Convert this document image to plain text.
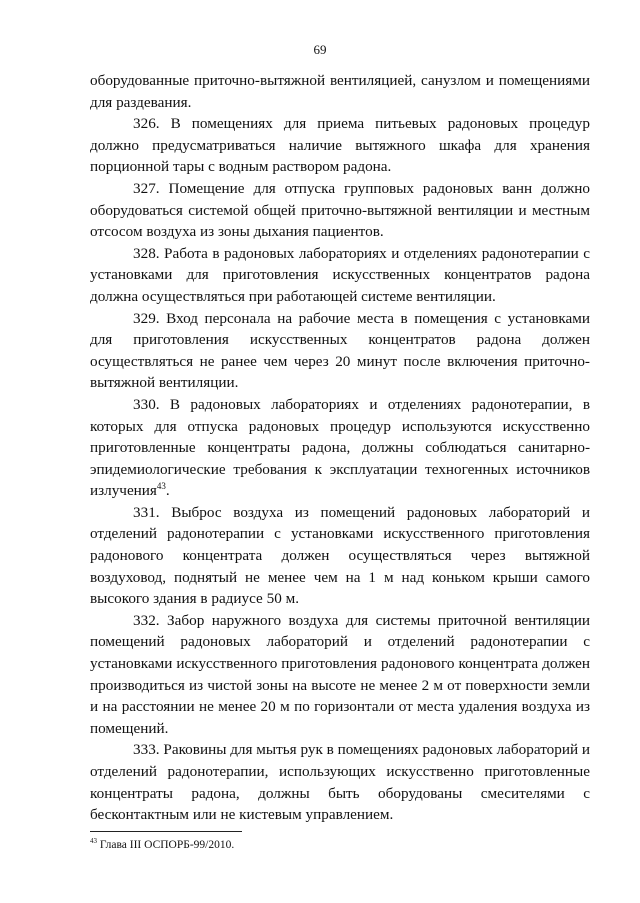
69

оборудованные приточно-вытяжной вентиляцией, санузлом и помещениями для раздевания.

326. В помещениях для приема питьевых радоновых процедур должно предусматриваться наличие вытяжного шкафа для хранения порционной тары с водным раствором радона.

327. Помещение для отпуска групповых радоновых ванн должно оборудоваться системой общей приточно-вытяжной вентиляции и местным отсосом воздуха из зоны дыхания пациентов.

328. Работа в радоновых лабораториях и отделениях радонотерапии с установками для приготовления искусственных концентратов радона должна осуществляться при работающей системе вентиляции.

329. Вход персонала на рабочие места в помещения с установками для приготовления искусственных концентратов радона должен осуществляться не ранее чем через 20 минут после включения приточно-вытяжной вентиляции.

330. В радоновых лабораториях и отделениях радонотерапии, в которых для отпуска радоновых процедур используются искусственно приготовленные концентраты радона, должны соблюдаться санитарно-эпидемиологические требования к эксплуатации техногенных источников излучения$^{43}$.

331. Выброс воздуха из помещений радоновых лабораторий и отделений радонотерапии с установками искусственного приготовления радонового концентрата должен осуществляться через вытяжной воздуховод, поднятый не менее чем на 1 м над коньком крыши самого высокого здания в радиусе 50 м.

332. Забор наружного воздуха для системы приточной вентиляции помещений радоновых лабораторий и отделений радонотерапии с установками искусственного приготовления радонового концентрата должен производиться из чистой зоны на высоте не менее 2 м от поверхности земли и на расстоянии не менее 20 м по горизонтали от места удаления воздуха из помещений.

333. Раковины для мытья рук в помещениях радоновых лабораторий и отделений радонотерапии, использующих искусственно приготовленные концентраты радона, должны быть оборудованы смесителями с бесконтактным или не кистевым управлением.

$^{43}$ Глава III ОСПОРБ-99/2010.
